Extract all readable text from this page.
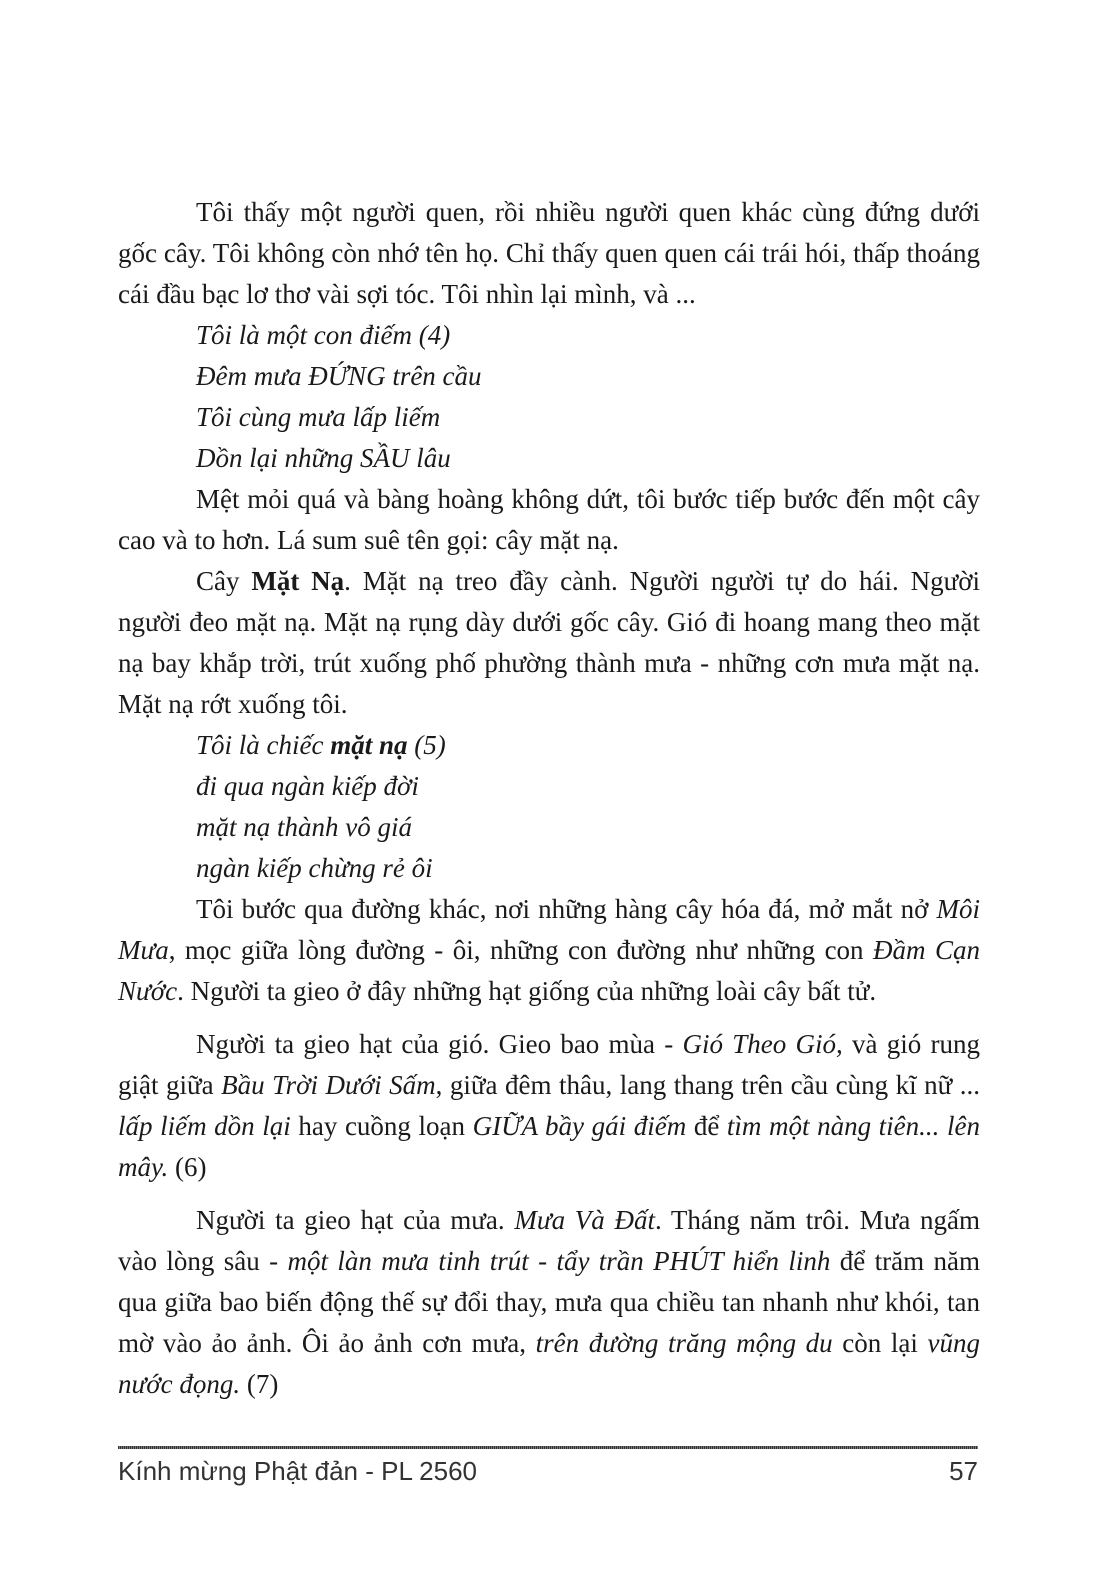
Tôi thấy một người quen, rồi nhiều người quen khác cùng đứng dưới gốc cây. Tôi không còn nhớ tên họ. Chỉ thấy quen quen cái trái hói, thấp thoáng cái đầu bạc lơ thơ vài sợi tóc. Tôi nhìn lại mình, và ...

Tôi là một con điếm (4)
Đêm mưa ĐỨNG trên cầu
Tôi cùng mưa lấp liếm
Dồn lại những SẦU lâu

Mệt mỏi quá và bàng hoàng không dứt, tôi bước tiếp bước đến một cây cao và to hơn. Lá sum suê tên gọi: cây mặt nạ.

Cây Mặt Nạ. Mặt nạ treo đầy cành. Người người tự do hái. Người người đeo mặt nạ. Mặt nạ rụng dày dưới gốc cây. Gió đi hoang mang theo mặt nạ bay khắp trời, trút xuống phố phường thành mưa - những cơn mưa mặt nạ. Mặt nạ rớt xuống tôi.

Tôi là chiếc mặt nạ (5)
đi qua ngàn kiếp đời
mặt nạ thành vô giá
ngàn kiếp chừng rẻ ôi

Tôi bước qua đường khác, nơi những hàng cây hóa đá, mở mắt nở Môi Mưa, mọc giữa lòng đường - ôi, những con đường như những con Đầm Cạn Nước. Người ta gieo ở đây những hạt giống của những loài cây bất tử.

Người ta gieo hạt của gió. Gieo bao mùa - Gió Theo Gió, và gió rung giật giữa Bầu Trời Dưới Sấm, giữa đêm thâu, lang thang trên cầu cùng kĩ nữ ... lấp liếm dồn lại hay cuồng loạn GIỮA bầy gái điếm để tìm một nàng tiên... lên mây. (6)

Người ta gieo hạt của mưa. Mưa Và Đất. Tháng năm trôi. Mưa ngấm vào lòng sâu - một làn mưa tinh trút - tẩy trần PHÚT hiển linh để trăm năm qua giữa bao biến động thế sự đổi thay, mưa qua chiều tan nhanh như khói, tan mờ vào ảo ảnh. Ôi ảo ảnh cơn mưa, trên đường trăng mộng du còn lại vũng nước đọng. (7)

Kính mừng Phật đản - PL 2560	57
